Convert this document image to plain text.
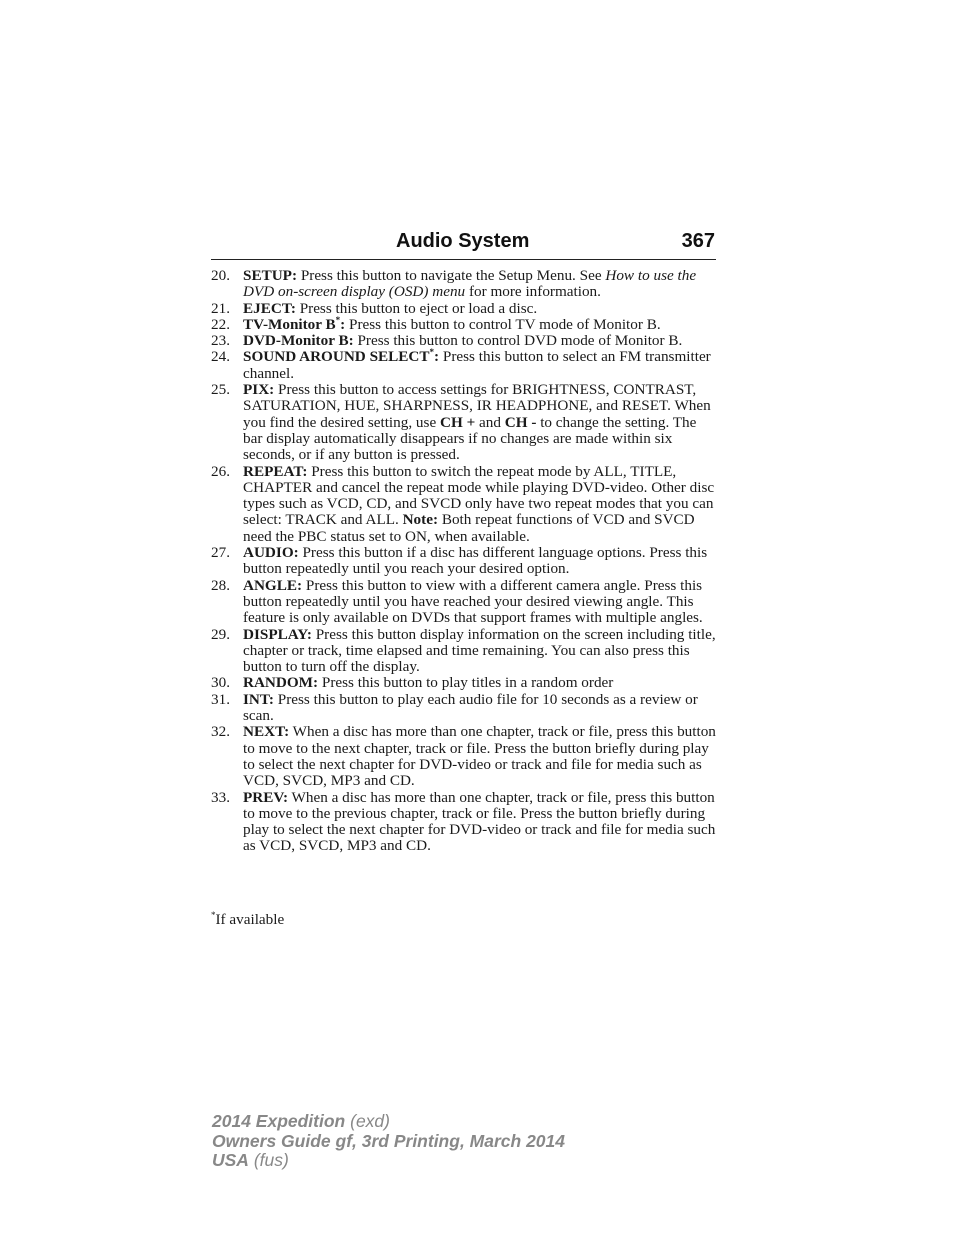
Audio System	367
20. SETUP: Press this button to navigate the Setup Menu. See How to use the DVD on-screen display (OSD) menu for more information.
21. EJECT: Press this button to eject or load a disc.
22. TV-Monitor B*: Press this button to control TV mode of Monitor B.
23. DVD-Monitor B: Press this button to control DVD mode of Monitor B.
24. SOUND AROUND SELECT*: Press this button to select an FM transmitter channel.
25. PIX: Press this button to access settings for BRIGHTNESS, CONTRAST, SATURATION, HUE, SHARPNESS, IR HEADPHONE, and RESET. When you find the desired setting, use CH + and CH - to change the setting. The bar display automatically disappears if no changes are made within six seconds, or if any button is pressed.
26. REPEAT: Press this button to switch the repeat mode by ALL, TITLE, CHAPTER and cancel the repeat mode while playing DVD-video. Other disc types such as VCD, CD, and SVCD only have two repeat modes that you can select: TRACK and ALL. Note: Both repeat functions of VCD and SVCD need the PBC status set to ON, when available.
27. AUDIO: Press this button if a disc has different language options. Press this button repeatedly until you reach your desired option.
28. ANGLE: Press this button to view with a different camera angle. Press this button repeatedly until you have reached your desired viewing angle. This feature is only available on DVDs that support frames with multiple angles.
29. DISPLAY: Press this button display information on the screen including title, chapter or track, time elapsed and time remaining. You can also press this button to turn off the display.
30. RANDOM: Press this button to play titles in a random order
31. INT: Press this button to play each audio file for 10 seconds as a review or scan.
32. NEXT: When a disc has more than one chapter, track or file, press this button to move to the next chapter, track or file. Press the button briefly during play to select the next chapter for DVD-video or track and file for media such as VCD, SVCD, MP3 and CD.
33. PREV: When a disc has more than one chapter, track or file, press this button to move to the previous chapter, track or file. Press the button briefly during play to select the next chapter for DVD-video or track and file for media such as VCD, SVCD, MP3 and CD.
*If available
2014 Expedition (exd)
Owners Guide gf, 3rd Printing, March 2014
USA (fus)
